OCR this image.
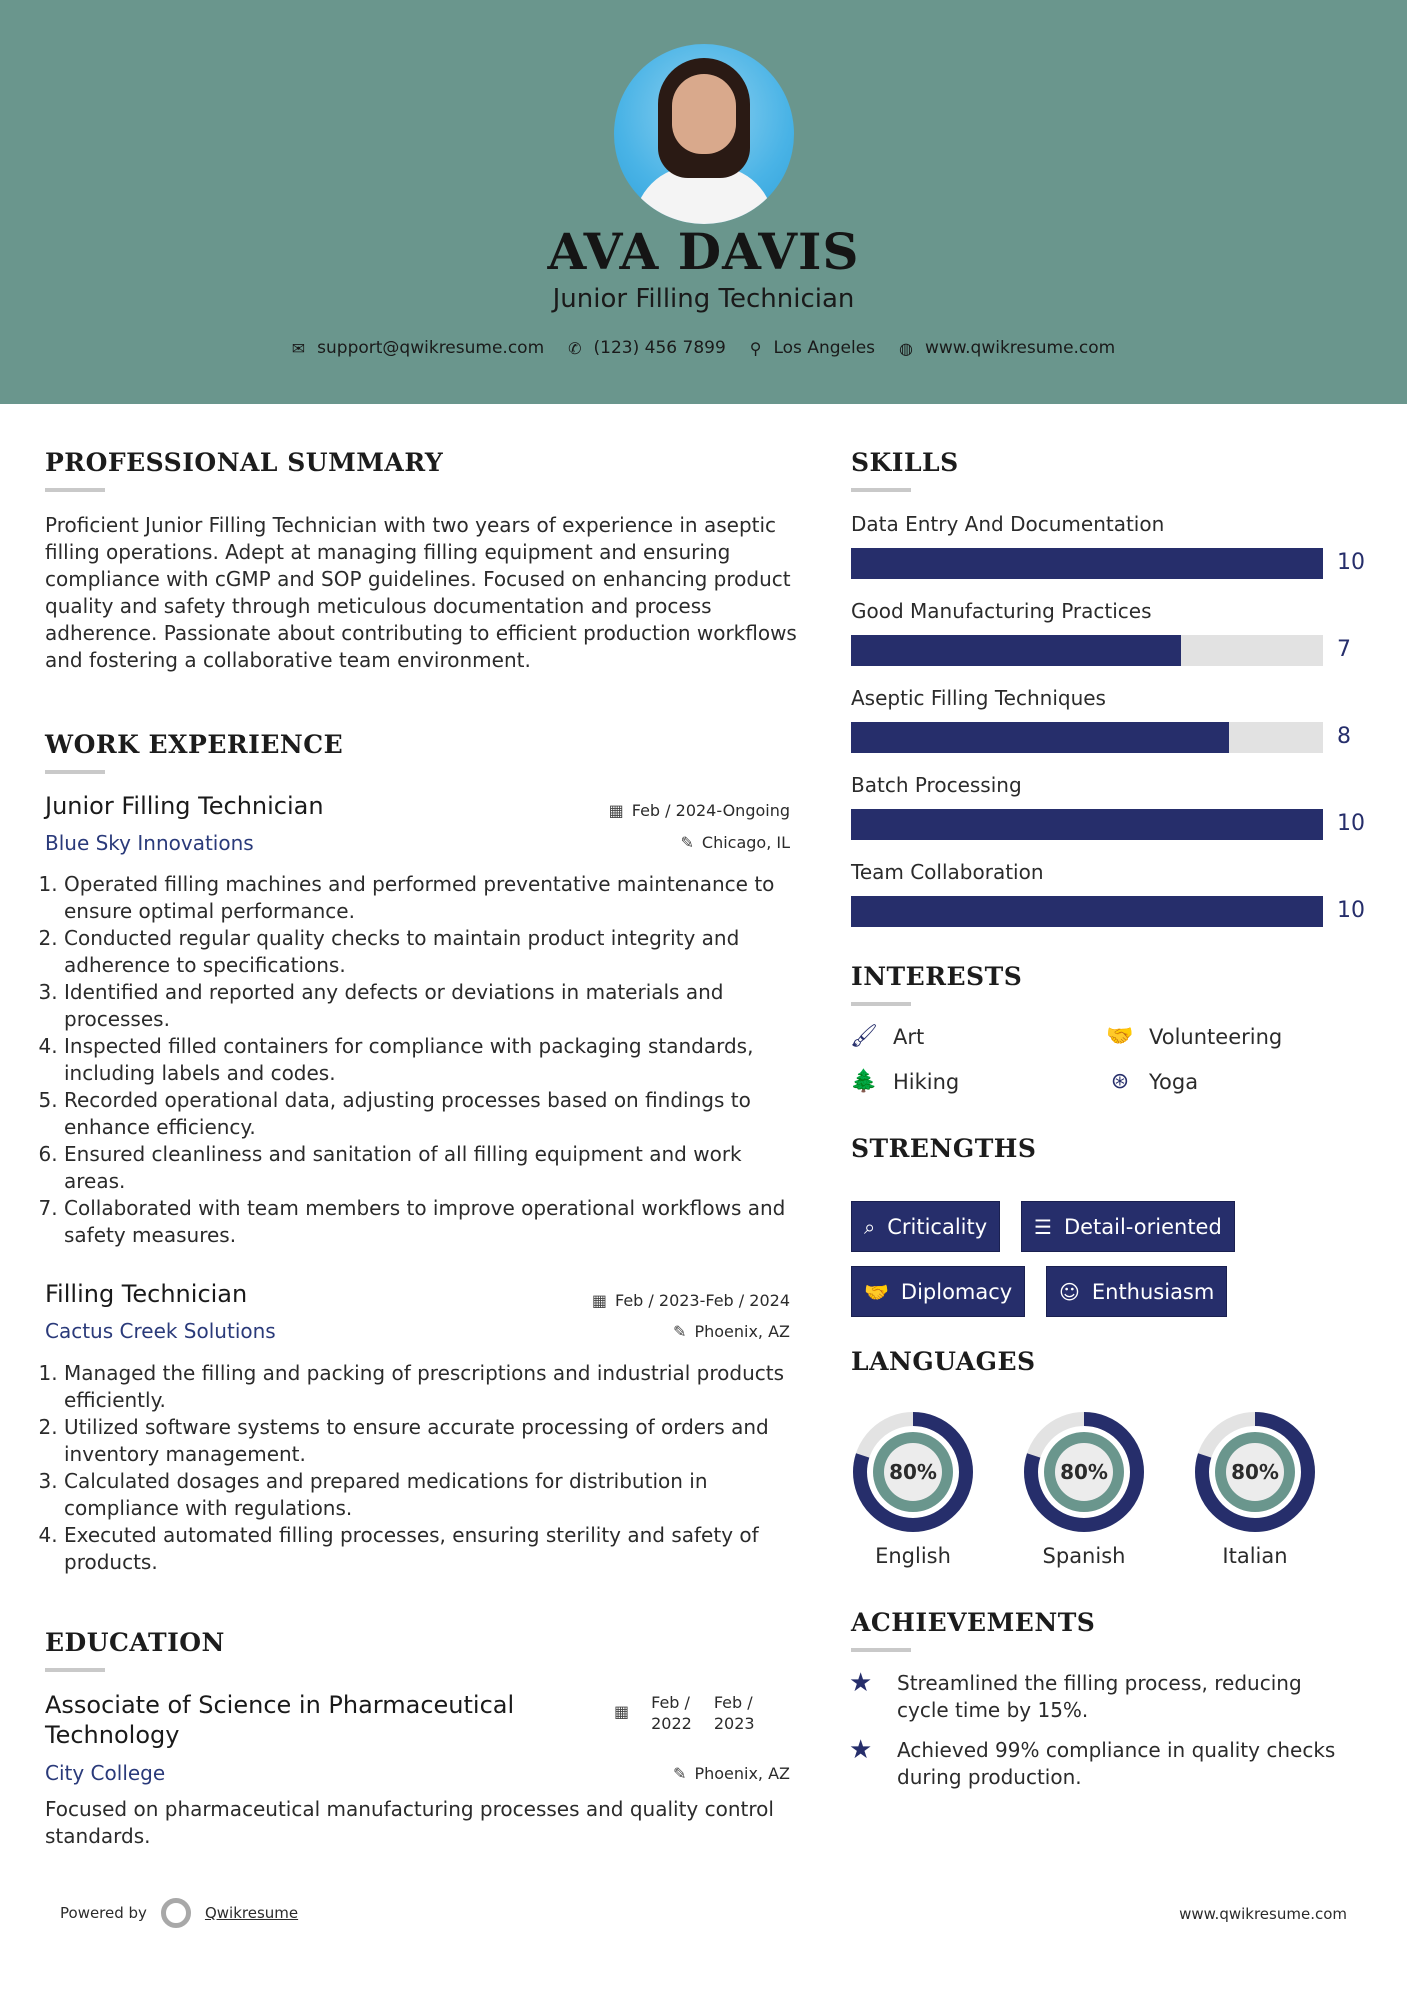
AVA DAVIS
Junior Filling Technician
✉ support@qwikresume.com ✆ (123) 456 7899 ⚲ Los Angeles ◍ www.qwikresume.com
PROFESSIONAL SUMMARY
Proficient Junior Filling Technician with two years of experience in aseptic filling operations. Adept at managing filling equipment and ensuring compliance with cGMP and SOP guidelines. Focused on enhancing product quality and safety through meticulous documentation and process adherence. Passionate about contributing to efficient production workflows and fostering a collaborative team environment.
WORK EXPERIENCE
Junior Filling Technician	▦ Feb / 2024-Ongoing
Blue Sky Innovations	✎ Chicago, IL
1. Operated filling machines and performed preventative maintenance to ensure optimal performance.
2. Conducted regular quality checks to maintain product integrity and adherence to specifications.
3. Identified and reported any defects or deviations in materials and processes.
4. Inspected filled containers for compliance with packaging standards, including labels and codes.
5. Recorded operational data, adjusting processes based on findings to enhance efficiency.
6. Ensured cleanliness and sanitation of all filling equipment and work areas.
7. Collaborated with team members to improve operational workflows and safety measures.
Filling Technician	▦ Feb / 2023-Feb / 2024
Cactus Creek Solutions	✎ Phoenix, AZ
1. Managed the filling and packing of prescriptions and industrial products efficiently.
2. Utilized software systems to ensure accurate processing of orders and inventory management.
3. Calculated dosages and prepared medications for distribution in compliance with regulations.
4. Executed automated filling processes, ensuring sterility and safety of products.
EDUCATION
Associate of Science in Pharmaceutical
Technology
▦ Feb /
2022
Feb /
2023
City College	✎ Phoenix, AZ
Focused on pharmaceutical manufacturing processes and quality control standards.
SKILLS
Data Entry And Documentation
10
Good Manufacturing Practices
7
Aseptic Filling Techniques
8
Batch Processing
10
Team Collaboration
10
INTERESTS
🖌 Art	🤝 Volunteering
🌲 Hiking	⊛ Yoga
STRENGTHS
⌕ Criticality ☰ Detail-oriented
🤝 Diplomacy ☺ Enthusiasm
LANGUAGES
80%
English
80%
Spanish
80%
Italian
ACHIEVEMENTS
★	Streamlined the filling process, reducing cycle time by 15%.
★	Achieved 99% compliance in quality checks during production.
Powered by	Qwikresume	www.qwikresume.com
